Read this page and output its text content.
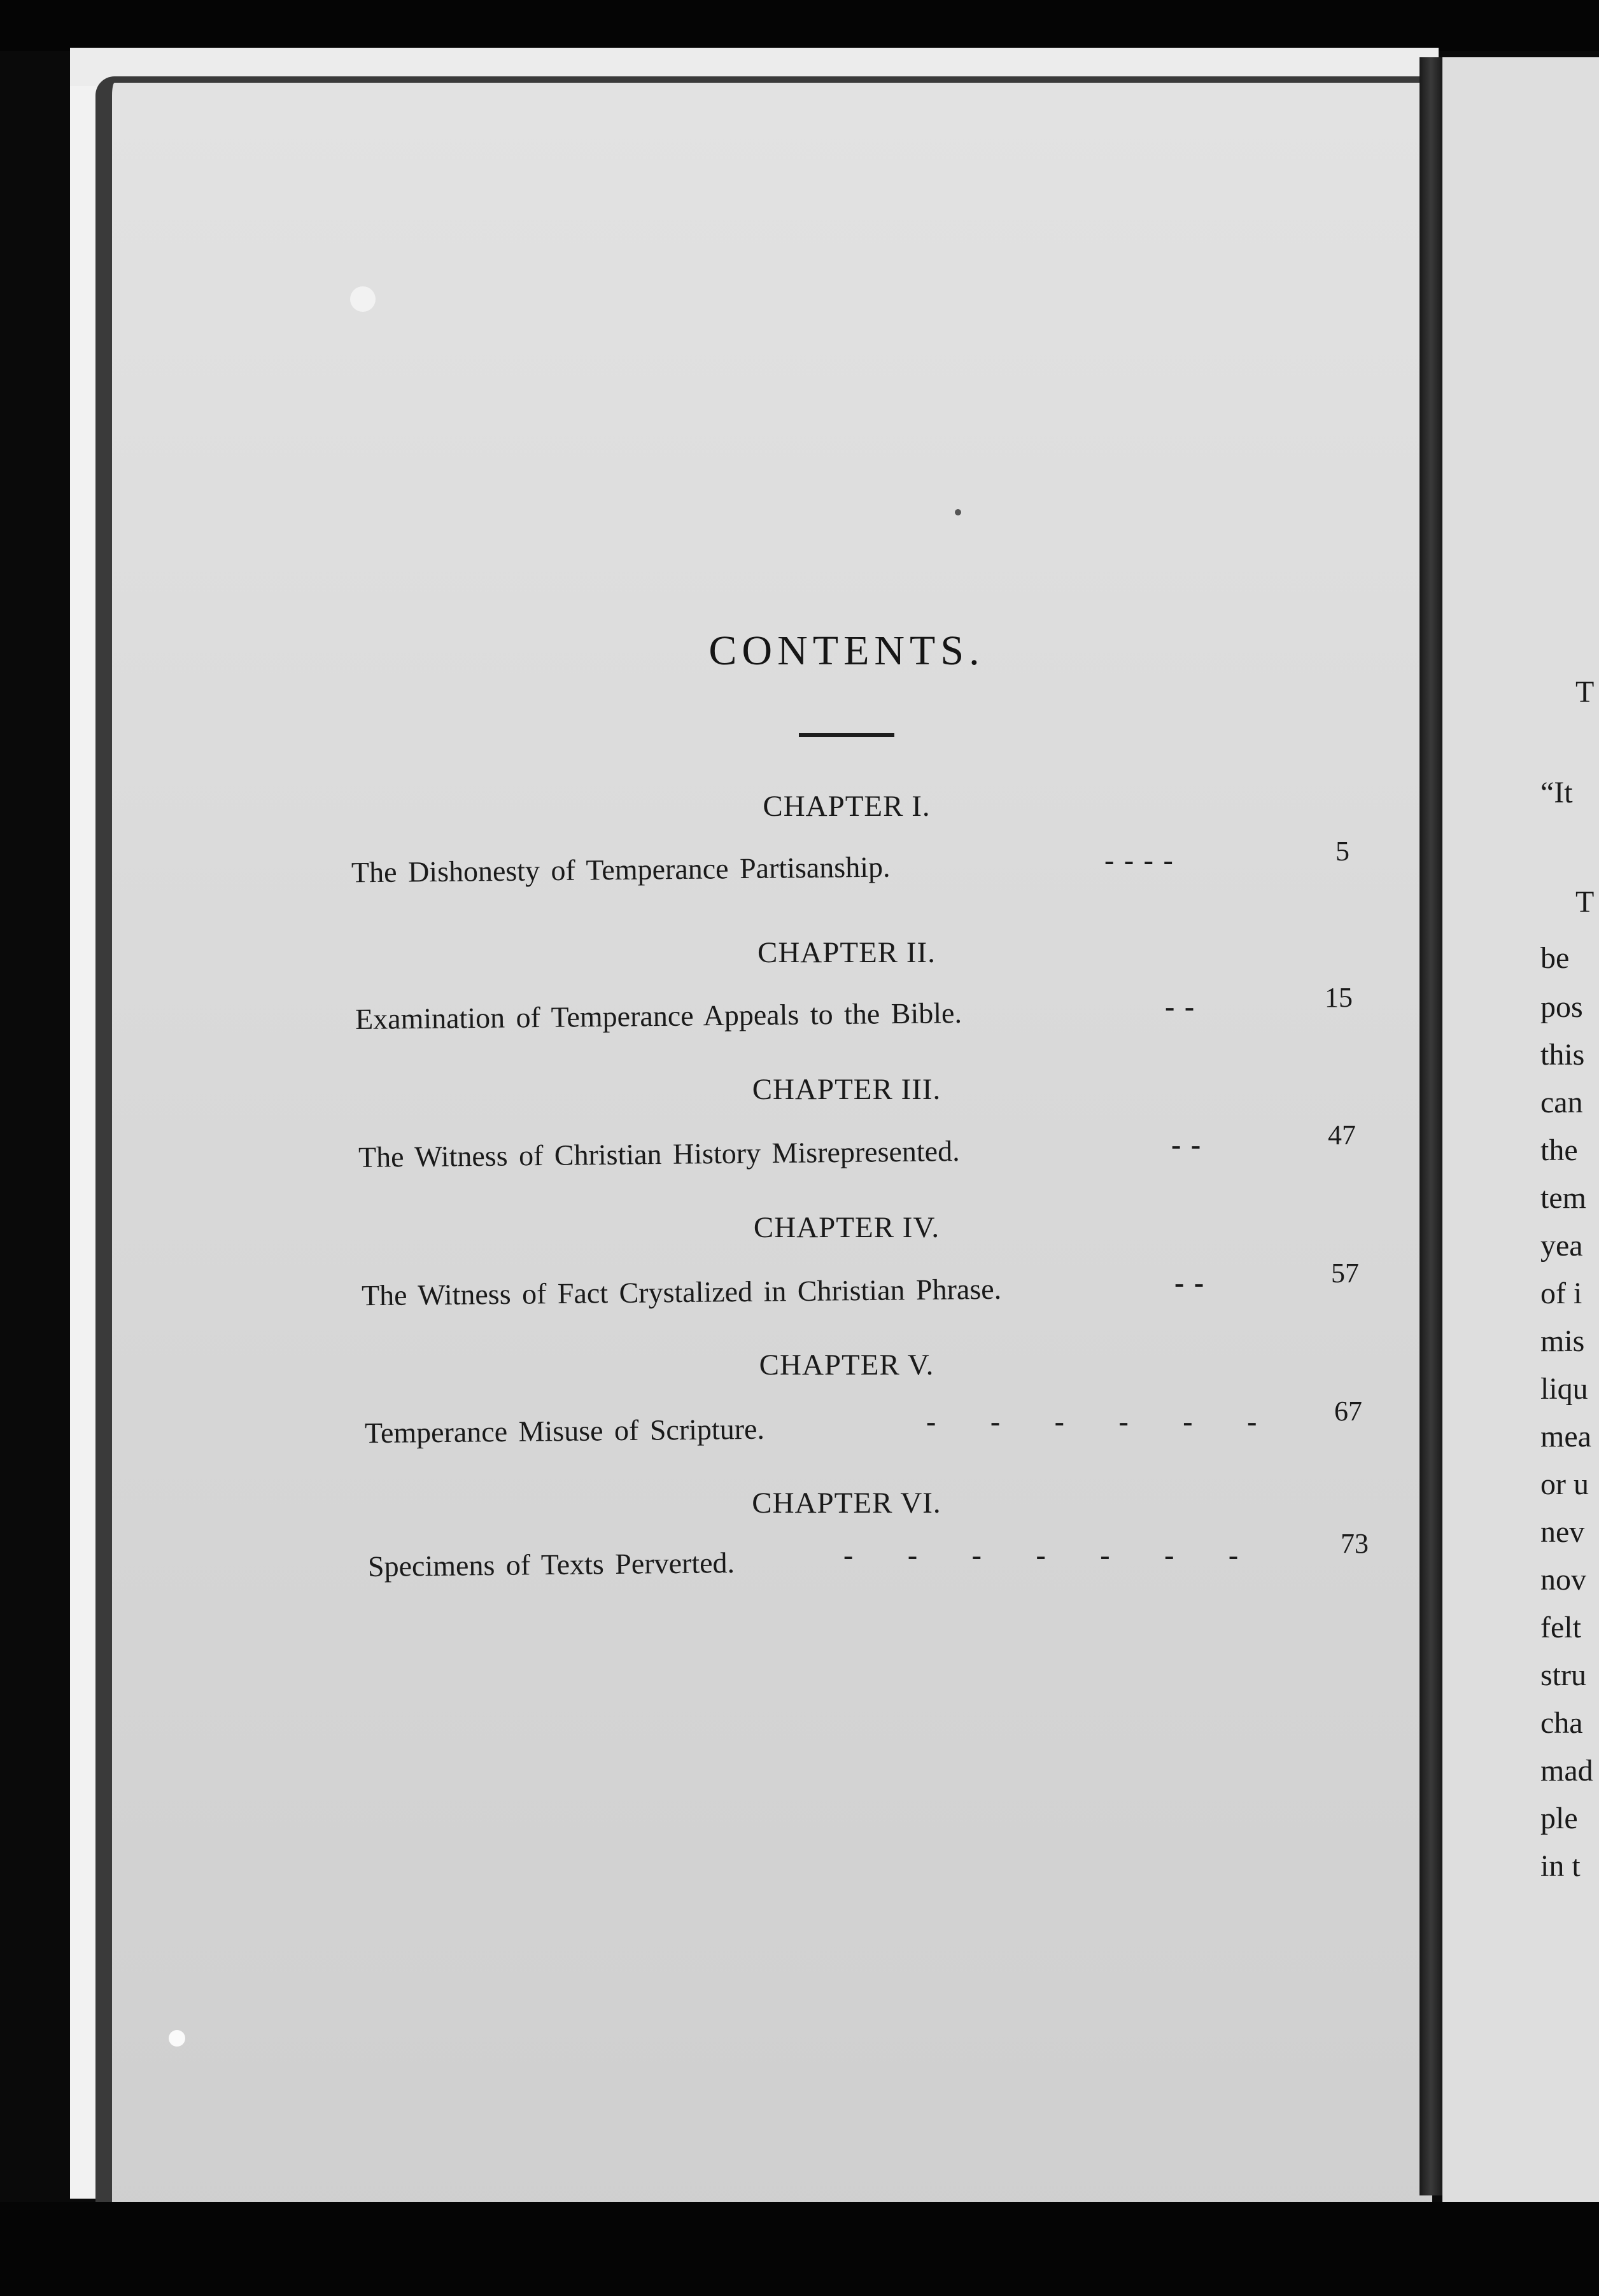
CONTENTS.
CHAPTER I.
The Dishonesty of Temperance Partisanship.	- - - -	5
CHAPTER II.
Examination of Temperance Appeals to the Bible.	- -	15
CHAPTER III.
The Witness of Christian History Misrepresented.	- -	47
CHAPTER IV.
The Witness of Fact Crystalized in Christian Phrase.	- -	57
CHAPTER V.
Temperance Misuse of Scripture.	- - - - - -	67
CHAPTER VI.
Specimens of Texts Perverted.	- - - - - - -	73
T
“It
T
be
pos
this
can
the
tem
yea
of i
mis
liqu
mea
or u
nev
nov
felt
stru
cha
mad
ple
in t
